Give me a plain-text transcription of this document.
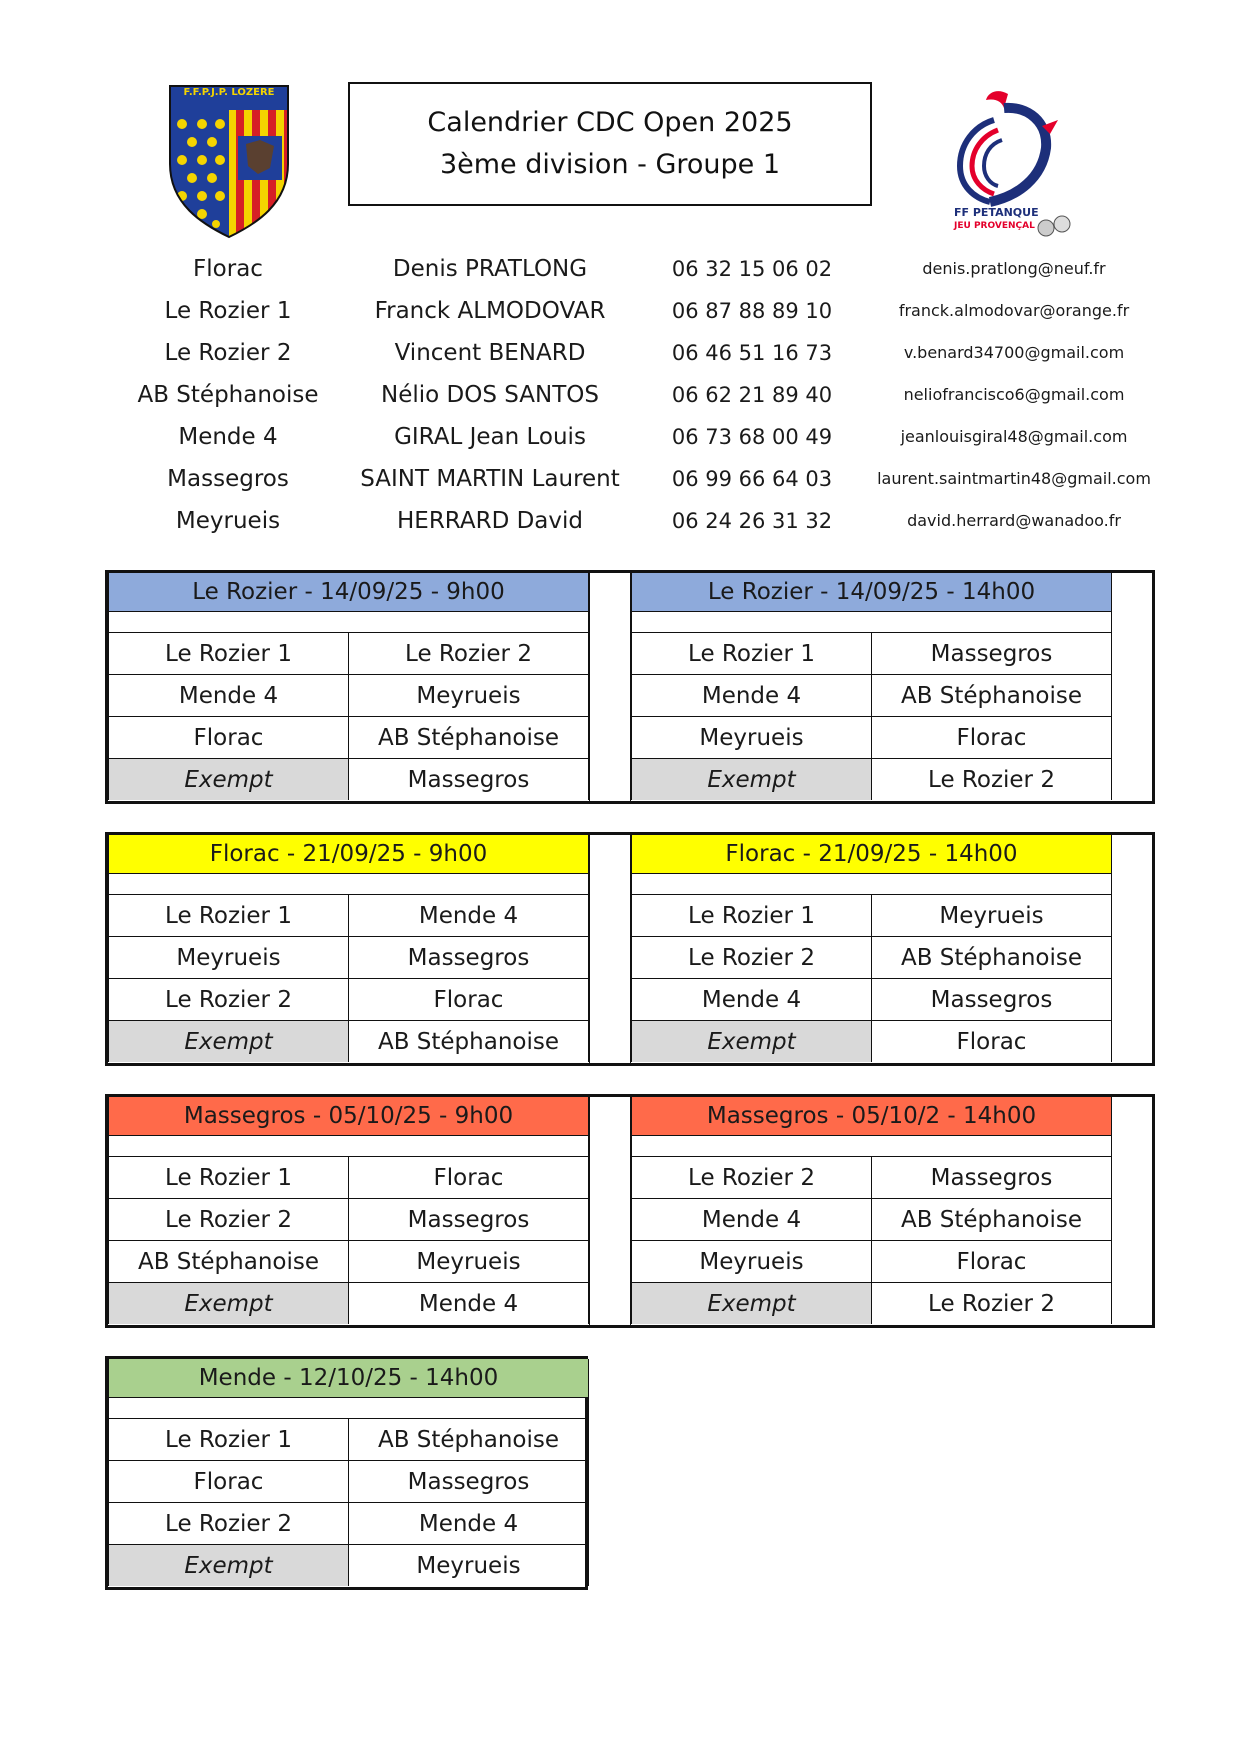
F.F.P.J.P. LOZERE
Calendrier CDC Open 2025
3ème division - Groupe 1
FF PETANQUE
JEU PROVENÇAL
Florac	Denis PRATLONG	06 32 15 06 02	denis.pratlong@neuf.fr
Le Rozier 1	Franck ALMODOVAR	06 87 88 89 10	franck.almodovar@orange.fr
Le Rozier 2	Vincent BENARD	06 46 51 16 73	v.benard34700@gmail.com
AB Stéphanoise	Nélio DOS SANTOS	06 62 21 89 40	neliofrancisco6@gmail.com
Mende 4	GIRAL Jean Louis	06 73 68 00 49	jeanlouisgiral48@gmail.com
Massegros	SAINT MARTIN Laurent 06 99 66 64 03	laurent.saintmartin48@gmail.com
Meyrueis	HERRARD David	06 24 26 31 32	david.herrard@wanadoo.fr
Le Rozier - 14/09/25 - 9h00
Le Rozier 1	Le Rozier 2
Mende 4	Meyrueis
Florac	AB Stéphanoise
Exempt	Massegros
Le Rozier - 14/09/25 - 14h00
Le Rozier 1	Massegros
Mende 4	AB Stéphanoise
Meyrueis	Florac
Exempt	Le Rozier 2
Florac - 21/09/25 - 9h00
Le Rozier 1	Mende 4
Meyrueis	Massegros
Le Rozier 2	Florac
Exempt	AB Stéphanoise
Florac - 21/09/25 - 14h00
Le Rozier 1	Meyrueis
Le Rozier 2	AB Stéphanoise
Mende 4	Massegros
Exempt	Florac
Massegros - 05/10/25 - 9h00
Le Rozier 1	Florac
Le Rozier 2	Massegros
AB Stéphanoise	Meyrueis
Exempt	Mende 4
Massegros - 05/10/2 - 14h00
Le Rozier 2	Massegros
Mende 4	AB Stéphanoise
Meyrueis	Florac
Exempt	Le Rozier 2
Mende - 12/10/25 - 14h00
Le Rozier 1	AB Stéphanoise
Florac	Massegros
Le Rozier 2	Mende 4
Exempt	Meyrueis
